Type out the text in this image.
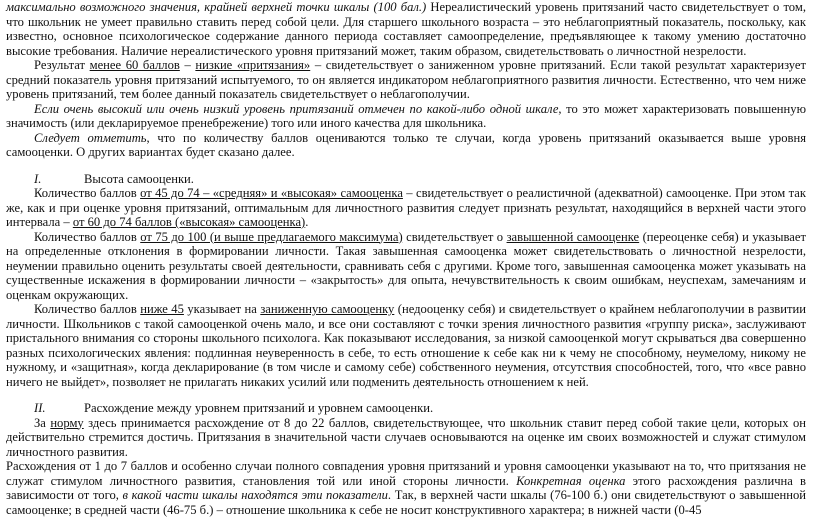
максимально возможного значения, крайней верхней точки шкалы (100 бал.) Нереалистический уровень притязаний часто свидетельствует о том, что школьник не умеет правильно ставить перед собой цели. Для старшего школьного возраста – это неблагоприятный показатель, поскольку, как известно, основное психологическое содержание данного периода составляет самоопределение, предъявляющее к такому умению достаточно высокие требования. Наличие нереалистического уровня притязаний может, таким образом, свидетельствовать о личностной незрелости.

Результат менее 60 баллов – низкие «притязания» – свидетельствует о заниженном уровне притязаний. Если такой результат характеризует средний показатель уровня притязаний испытуемого, то он является индикатором неблагоприятного развития личности. Естественно, что чем ниже уровень притязаний, тем более данный показатель свидетельствует о неблагополучии.

Если очень высокий или очень низкий уровень притязаний отмечен по какой-либо одной шкале, то это может характеризовать повышенную значимость (или декларируемое пренебрежение) того или иного качества для школьника.

Следует отметить, что по количеству баллов оцениваются только те случаи, когда уровень притязаний оказывается выше уровня самооценки. О других вариантах будет сказано далее.

I.	Высота самооценки.

Количество баллов от 45 до 74 – «средняя» и «высокая» самооценка – свидетельствует о реалистичной (адекватной) самооценке. При этом так же, как и при оценке уровня притязаний, оптимальным для личностного развития следует признать результат, находящийся в верхней части этого интервала – от 60 до 74 баллов («высокая» самооценка).

Количество баллов от 75 до 100 (и выше предлагаемого максимума) свидетельствует о завышенной самооценке (переоценке себя) и указывает на определенные отклонения в формировании личности. Такая завышенная самооценка может свидетельствовать о личностной незрелости, неумении правильно оценить результаты своей деятельности, сравнивать себя с другими. Кроме того, завышенная самооценка может указывать на существенные искажения в формировании личности – «закрытость» для опыта, нечувствительность к своим ошибкам, неуспехам, замечаниям и оценкам окружающих.

Количество баллов ниже 45 указывает на заниженную самооценку (недооценку себя) и свидетельствует о крайнем неблагополучии в развитии личности. Школьников с такой самооценкой очень мало, и все они составляют с точки зрения личностного развития «группу риска», заслуживают пристального внимания со стороны школьного психолога. Как показывают исследования, за низкой самооценкой могут скрываться два совершенно разных психологических явления: подлинная неуверенность в себе, то есть отношение к себе как ни к чему не способному, неумелому, никому не нужному, и «защитная», когда декларирование (в том числе и самому себе) собственного неумения, отсутствия способностей, того, что «все равно ничего не выйдет», позволяет не прилагать никаких усилий или подменить деятельность отношением к ней.

II.	Расхождение между уровнем притязаний и уровнем самооценки.

За норму здесь принимается расхождение от 8 до 22 баллов, свидетельствующее, что школьник ставит перед собой такие цели, которых он действительно стремится достичь. Притязания в значительной части случаев основываются на оценке им своих возможностей и служат стимулом личностного развития.

Расхождения от 1 до 7 баллов и особенно случаи полного совпадения уровня притязаний и уровня самооценки указывают на то, что притязания не служат стимулом личностного развития, становления той или иной стороны личности. Конкретная оценка этого расхождения различна в зависимости от того, в какой части шкалы находятся эти показатели. Так, в верхней части шкалы (76-100 б.) они свидетельствуют о завышенной самооценке; в средней части (46-75 б.) – отношение школьника к себе не носит конструктивного характера; в нижней части (0-45
